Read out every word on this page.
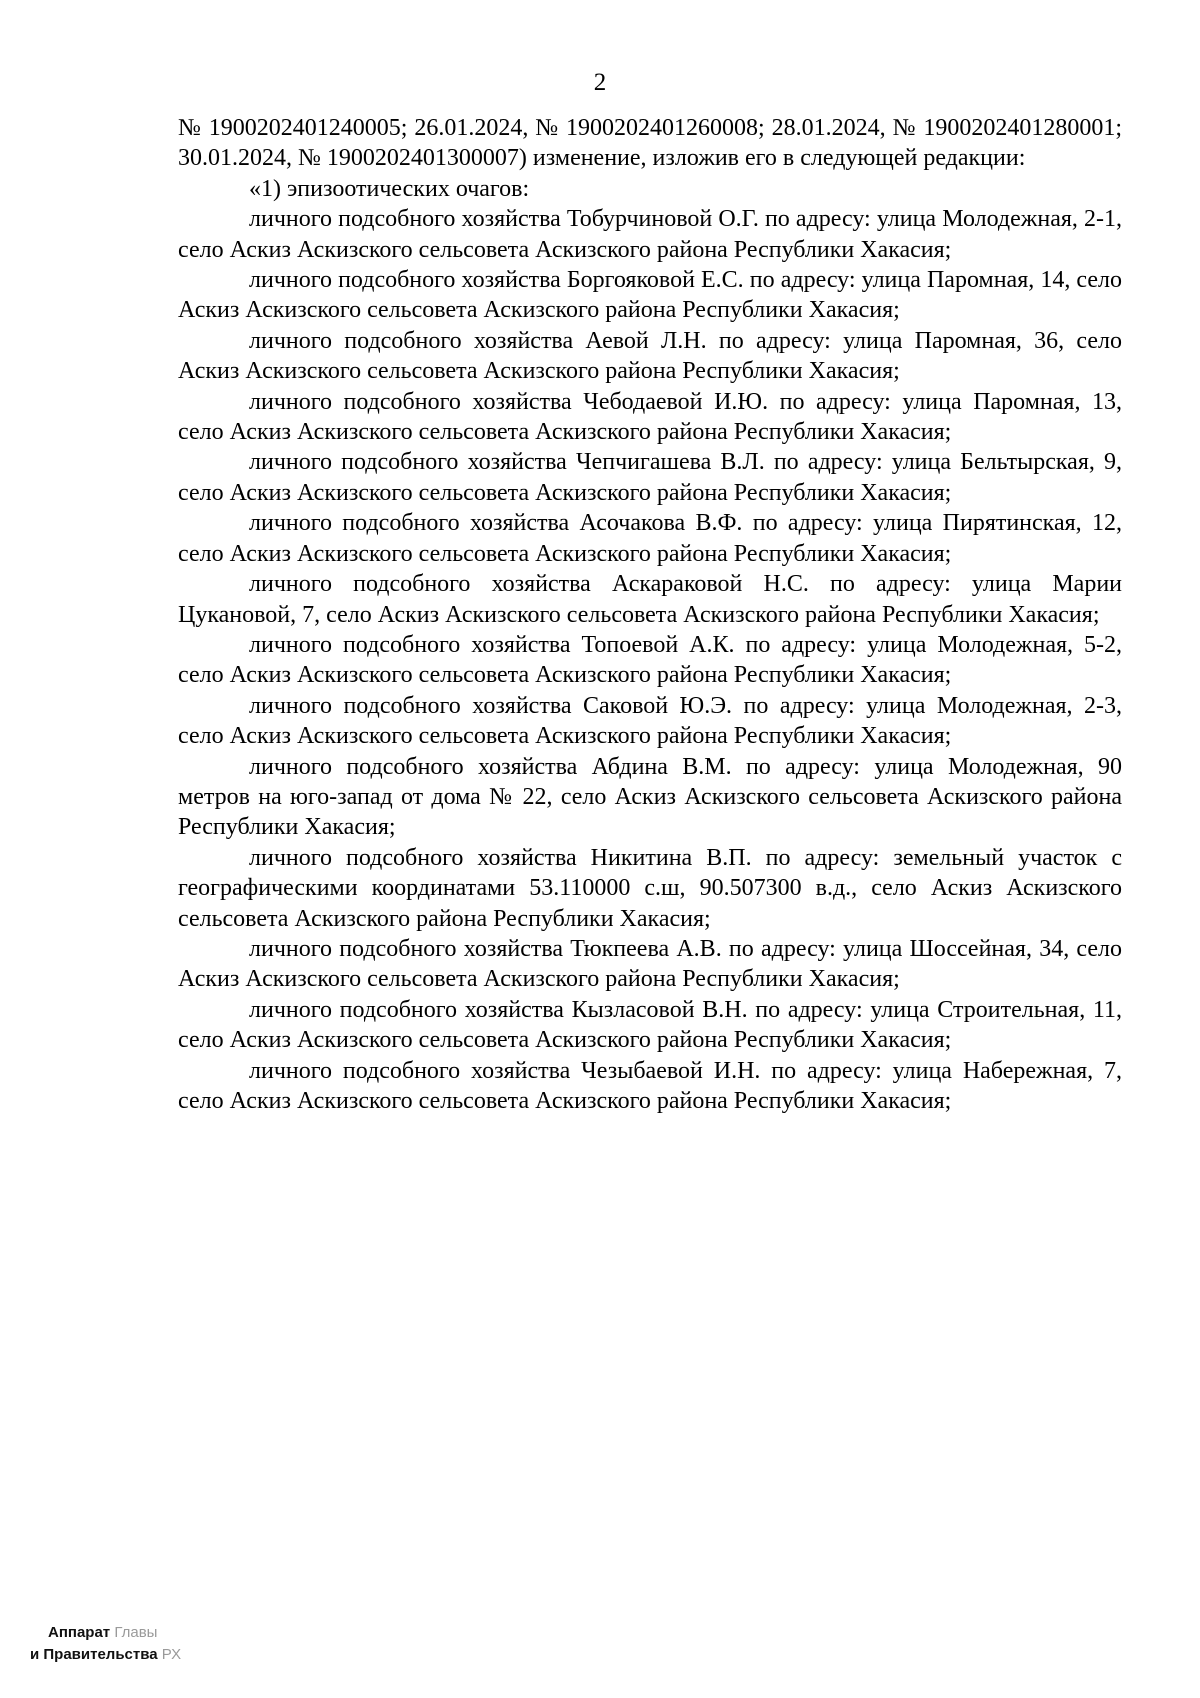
2

№ 1900202401240005; 26.01.2024, № 1900202401260008; 28.01.2024, № 1900202401280001; 30.01.2024, № 1900202401300007) изменение, изложив его в следующей редакции:

«1) эпизоотических очагов:

личного подсобного хозяйства Тобурчиновой О.Г. по адресу: улица Молодежная, 2-1, село Аскиз Аскизского сельсовета Аскизского района Республики Хакасия;

личного подсобного хозяйства Боргояковой Е.С. по адресу: улица Паромная, 14, село Аскиз Аскизского сельсовета Аскизского района Республики Хакасия;

личного подсобного хозяйства Аевой Л.Н. по адресу: улица Паромная, 36, село Аскиз Аскизского сельсовета Аскизского района Республики Хакасия;

личного подсобного хозяйства Чебодаевой И.Ю. по адресу: улица Паромная, 13, село Аскиз Аскизского сельсовета Аскизского района Республики Хакасия;

личного подсобного хозяйства Чепчигашева В.Л. по адресу: улица Бельтырская, 9, село Аскиз Аскизского сельсовета Аскизского района Республики Хакасия;

личного подсобного хозяйства Асочакова В.Ф. по адресу: улица Пирятинская, 12, село Аскиз Аскизского сельсовета Аскизского района Республики Хакасия;

личного подсобного хозяйства Аскараковой Н.С. по адресу: улица Марии Цукановой, 7, село Аскиз Аскизского сельсовета Аскизского района Республики Хакасия;

личного подсобного хозяйства Топоевой А.К. по адресу: улица Молодежная, 5-2, село Аскиз Аскизского сельсовета Аскизского района Республики Хакасия;

личного подсобного хозяйства Саковой Ю.Э. по адресу: улица Молодежная, 2-3, село Аскиз Аскизского сельсовета Аскизского района Республики Хакасия;

личного подсобного хозяйства Абдина В.М. по адресу: улица Молодежная, 90 метров на юго-запад от дома № 22, село Аскиз Аскизского сельсовета Аскизского района Республики Хакасия;

личного подсобного хозяйства Никитина В.П. по адресу: земельный участок с географическими координатами 53.110000 с.ш, 90.507300 в.д., село Аскиз Аскизского сельсовета Аскизского района Республики Хакасия;

личного подсобного хозяйства Тюкпеева А.В. по адресу: улица Шоссейная, 34, село Аскиз Аскизского сельсовета Аскизского района Республики Хакасия;

личного подсобного хозяйства Кызласовой В.Н. по адресу: улица Строительная, 11, село Аскиз Аскизского сельсовета Аскизского района Республики Хакасия;

личного подсобного хозяйства Чезыбаевой И.Н. по адресу: улица Набережная, 7, село Аскиз Аскизского сельсовета Аскизского района Республики Хакасия;

Аппарат Главы
и Правительства РХ
